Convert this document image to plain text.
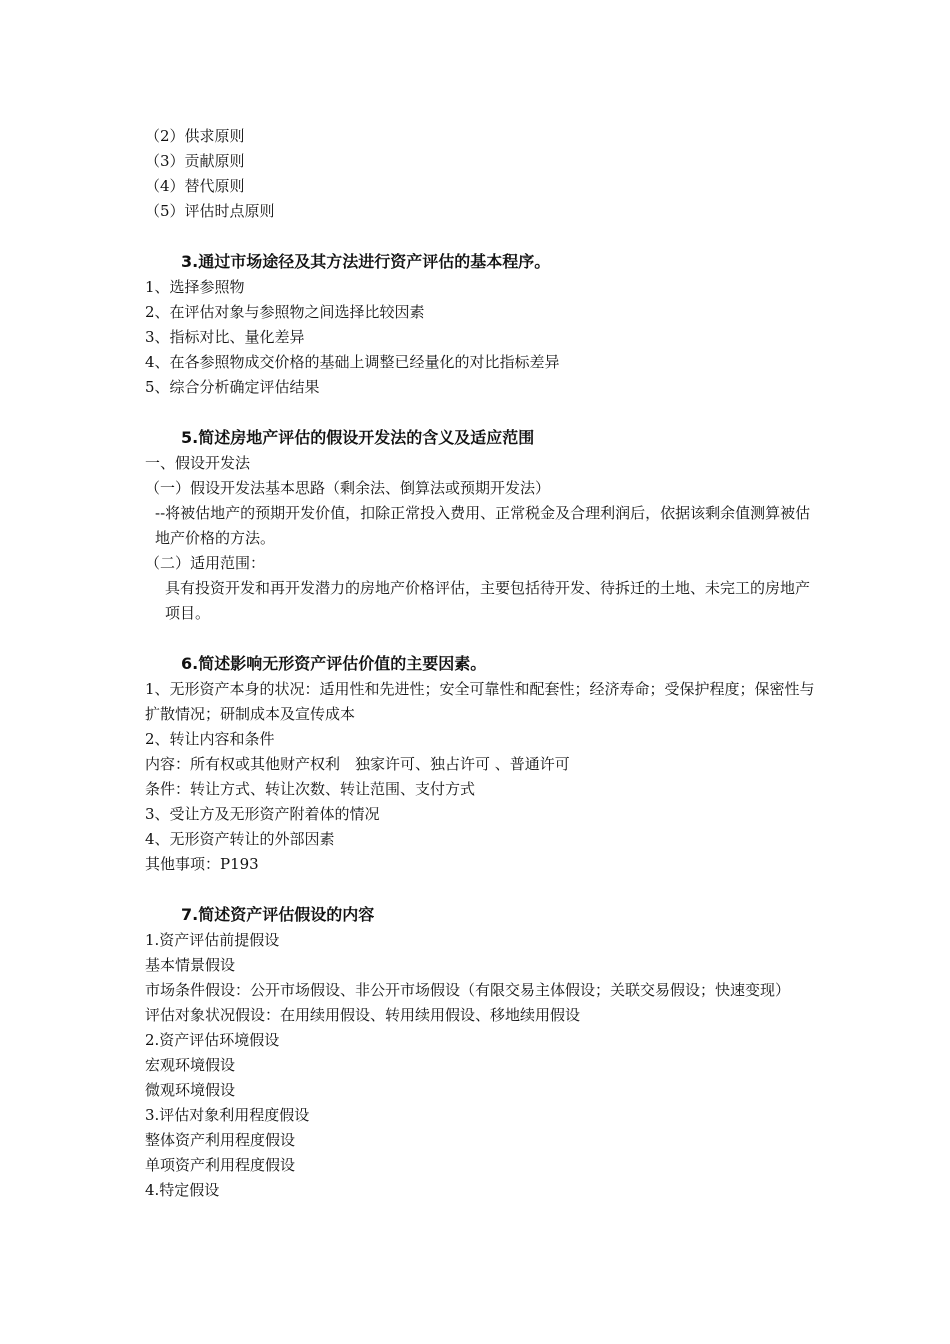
（2）供求原则
（3）贡献原则
（4）替代原则
（5）评估时点原则
3.通过市场途径及其方法进行资产评估的基本程序。
1、选择参照物
2、在评估对象与参照物之间选择比较因素
3、指标对比、量化差异
4、在各参照物成交价格的基础上调整已经量化的对比指标差异
5、综合分析确定评估结果
5.简述房地产评估的假设开发法的含义及适应范围
一、假设开发法
（一）假设开发法基本思路（剩余法、倒算法或预期开发法）
--将被估地产的预期开发价值，扣除正常投入费用、正常税金及合理利润后，依据该剩余值测算被估地产价格的方法。
（二）适用范围：
具有投资开发和再开发潜力的房地产价格评估，主要包括待开发、待拆迁的土地、未完工的房地产项目。
6.简述影响无形资产评估价值的主要因素。
1、无形资产本身的状况：适用性和先进性；安全可靠性和配套性；经济寿命；受保护程度；保密性与扩散情况；研制成本及宣传成本
2、转让内容和条件
内容：所有权或其他财产权利　独家许可、独占许可 、普通许可
条件：转让方式、转让次数、转让范围、支付方式
3、受让方及无形资产附着体的情况
4、无形资产转让的外部因素
其他事项：P193
7.简述资产评估假设的内容
1.资产评估前提假设
基本情景假设
市场条件假设：公开市场假设、非公开市场假设（有限交易主体假设；关联交易假设；快速变现）
评估对象状况假设：在用续用假设、转用续用假设、移地续用假设
2.资产评估环境假设
宏观环境假设
微观环境假设
3.评估对象利用程度假设
整体资产利用程度假设
单项资产利用程度假设
4.特定假设
